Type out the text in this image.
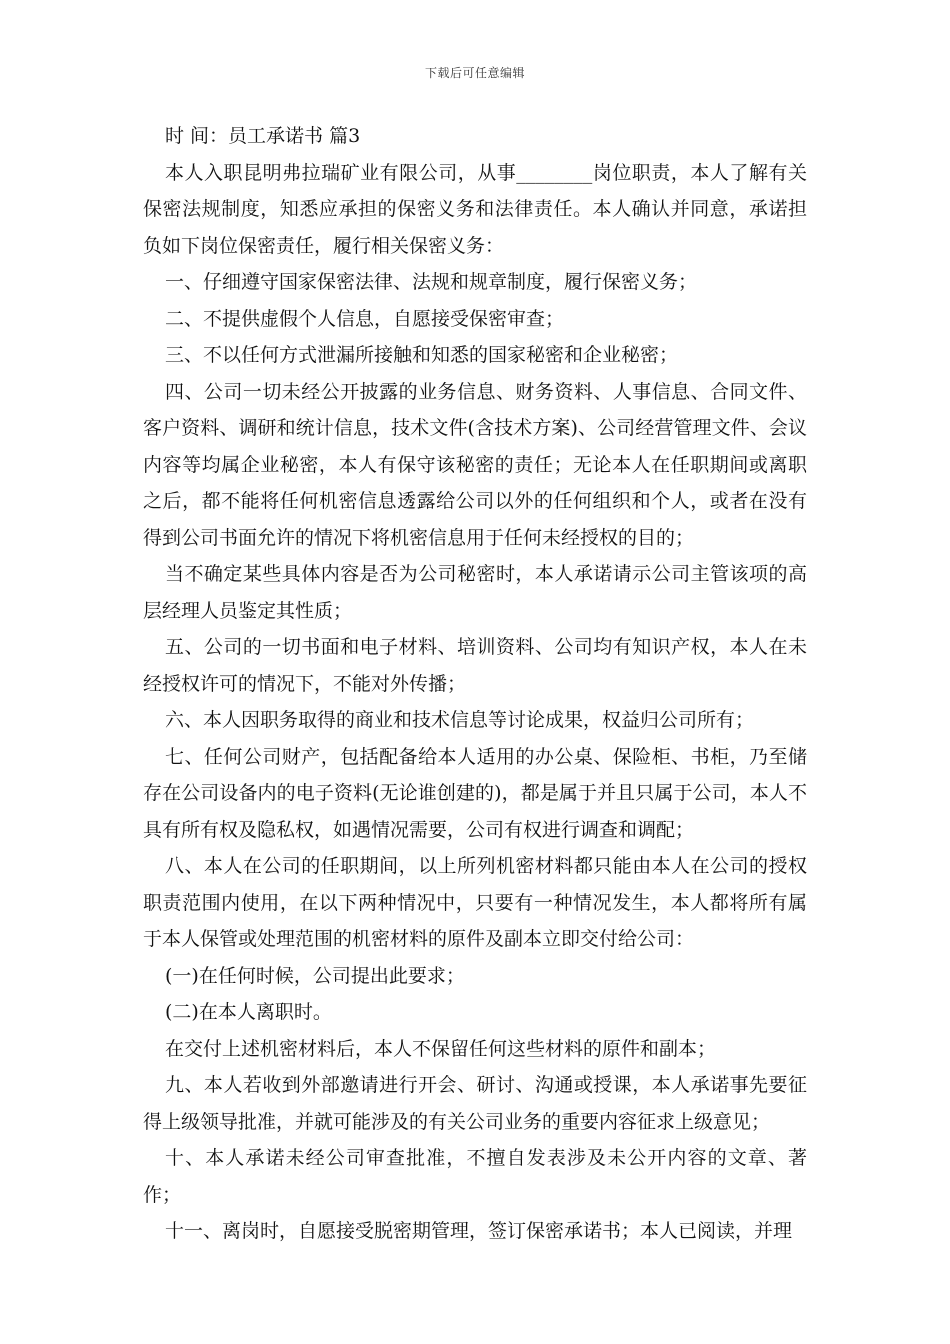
下载后可任意编辑

时 间：员工承诺书 篇3

本人入职昆明弗拉瑞矿业有限公司，从事________岗位职责，本人了解有关保密法规制度，知悉应承担的保密义务和法律责任。本人确认并同意，承诺担负如下岗位保密责任，履行相关保密义务：

一、仔细遵守国家保密法律、法规和规章制度，履行保密义务；

二、不提供虚假个人信息，自愿接受保密审查；

三、不以任何方式泄漏所接触和知悉的国家秘密和企业秘密；

四、公司一切未经公开披露的业务信息、财务资料、人事信息、合同文件、客户资料、调研和统计信息，技术文件(含技术方案)、公司经营管理文件、会议内容等均属企业秘密，本人有保守该秘密的责任；无论本人在任职期间或离职之后，都不能将任何机密信息透露给公司以外的任何组织和个人，或者在没有得到公司书面允许的情况下将机密信息用于任何未经授权的目的；

当不确定某些具体内容是否为公司秘密时，本人承诺请示公司主管该项的高层经理人员鉴定其性质；

五、公司的一切书面和电子材料、培训资料、公司均有知识产权，本人在未经授权许可的情况下，不能对外传播；

六、本人因职务取得的商业和技术信息等讨论成果，权益归公司所有；

七、任何公司财产，包括配备给本人适用的办公桌、保险柜、书柜，乃至储存在公司设备内的电子资料(无论谁创建的)，都是属于并且只属于公司，本人不具有所有权及隐私权，如遇情况需要，公司有权进行调查和调配；

八、本人在公司的任职期间，以上所列机密材料都只能由本人在公司的授权职责范围内使用，在以下两种情况中，只要有一种情况发生，本人都将所有属于本人保管或处理范围的机密材料的原件及副本立即交付给公司：

(一)在任何时候，公司提出此要求；

(二)在本人离职时。

在交付上述机密材料后，本人不保留任何这些材料的原件和副本；

九、本人若收到外部邀请进行开会、研讨、沟通或授课，本人承诺事先要征得上级领导批准，并就可能涉及的有关公司业务的重要内容征求上级意见；

十、本人承诺未经公司审查批准，不擅自发表涉及未公开内容的文章、著作；

十一、离岗时，自愿接受脱密期管理，签订保密承诺书；本人已阅读，并理
